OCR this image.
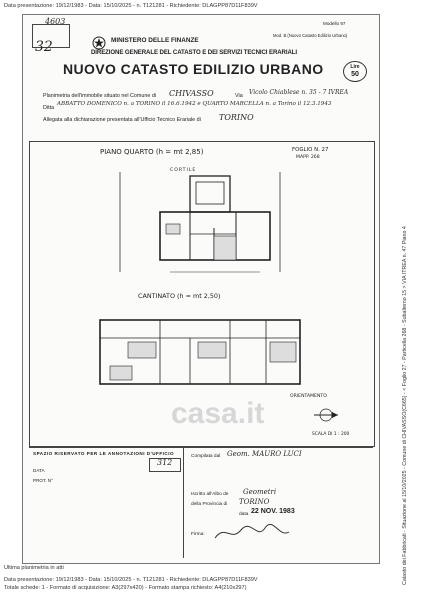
Data presentazione: 19/12/1983 - Data: 15/10/2025 - n. T121281 - Richiedente: DLAGPP87D11F839V
32
4603
Mod. B (Nuovo Catasto Edilizio Urbano)
Modello 97
MINISTERO DELLE FINANZE
DIREZIONE GENERALE DEL CATASTO E DEI SERVIZI TECNICI ERARIALI
NUOVO CATASTO EDILIZIO URBANO	Lire
50
Planimetria dell'immobile situato nel Comune di CHIVASSO	Via Vicolo Chiablese n. 35 - 7 IVREA
Ditta
ABBATTO DOMENICO n. a TORINO il 16.6.1942 e QUARTO MARCELLA n. a Torino il 12.3.1943
Allegata alla dichiarazione presentata all'Ufficio Tecnico Erariale di TORINO
PIANO QUARTO (h = mt 2,85)	FOGLIO N. 27
MAPP. 268
CORTILE
CANTINATO (h = mt 2,50)
ORIENTAMENTO
SCALA DI 1 : 200
casa.it
SPAZIO RISERVATO PER LE ANNOTAZIONI D'UFFICIO
DATA
PROT. N°
312
Compilata dal Geom. MAURO LUCI
Iscritto all'Albo de Geometri
della Provincia di TORINO
data 22 NOV. 1983
Firma:
Ultima planimetria in atti
Data presentazione: 19/12/1983 - Data: 15/10/2025 - n. T121281 - Richiedente: DLAGPP87D11F839V
Totale schede: 1 - Formato di acquisizione: A3(297x420) - Formato stampa richiesto: A4(210x297)
Catasto dei Fabbricati - Situazione al 15/10/2025 - Comune di CHIVASSO(C665) - < Foglio 27 - Particella 268 - Subalterno 15 > VIA ITREA n. 47 Piano 4
